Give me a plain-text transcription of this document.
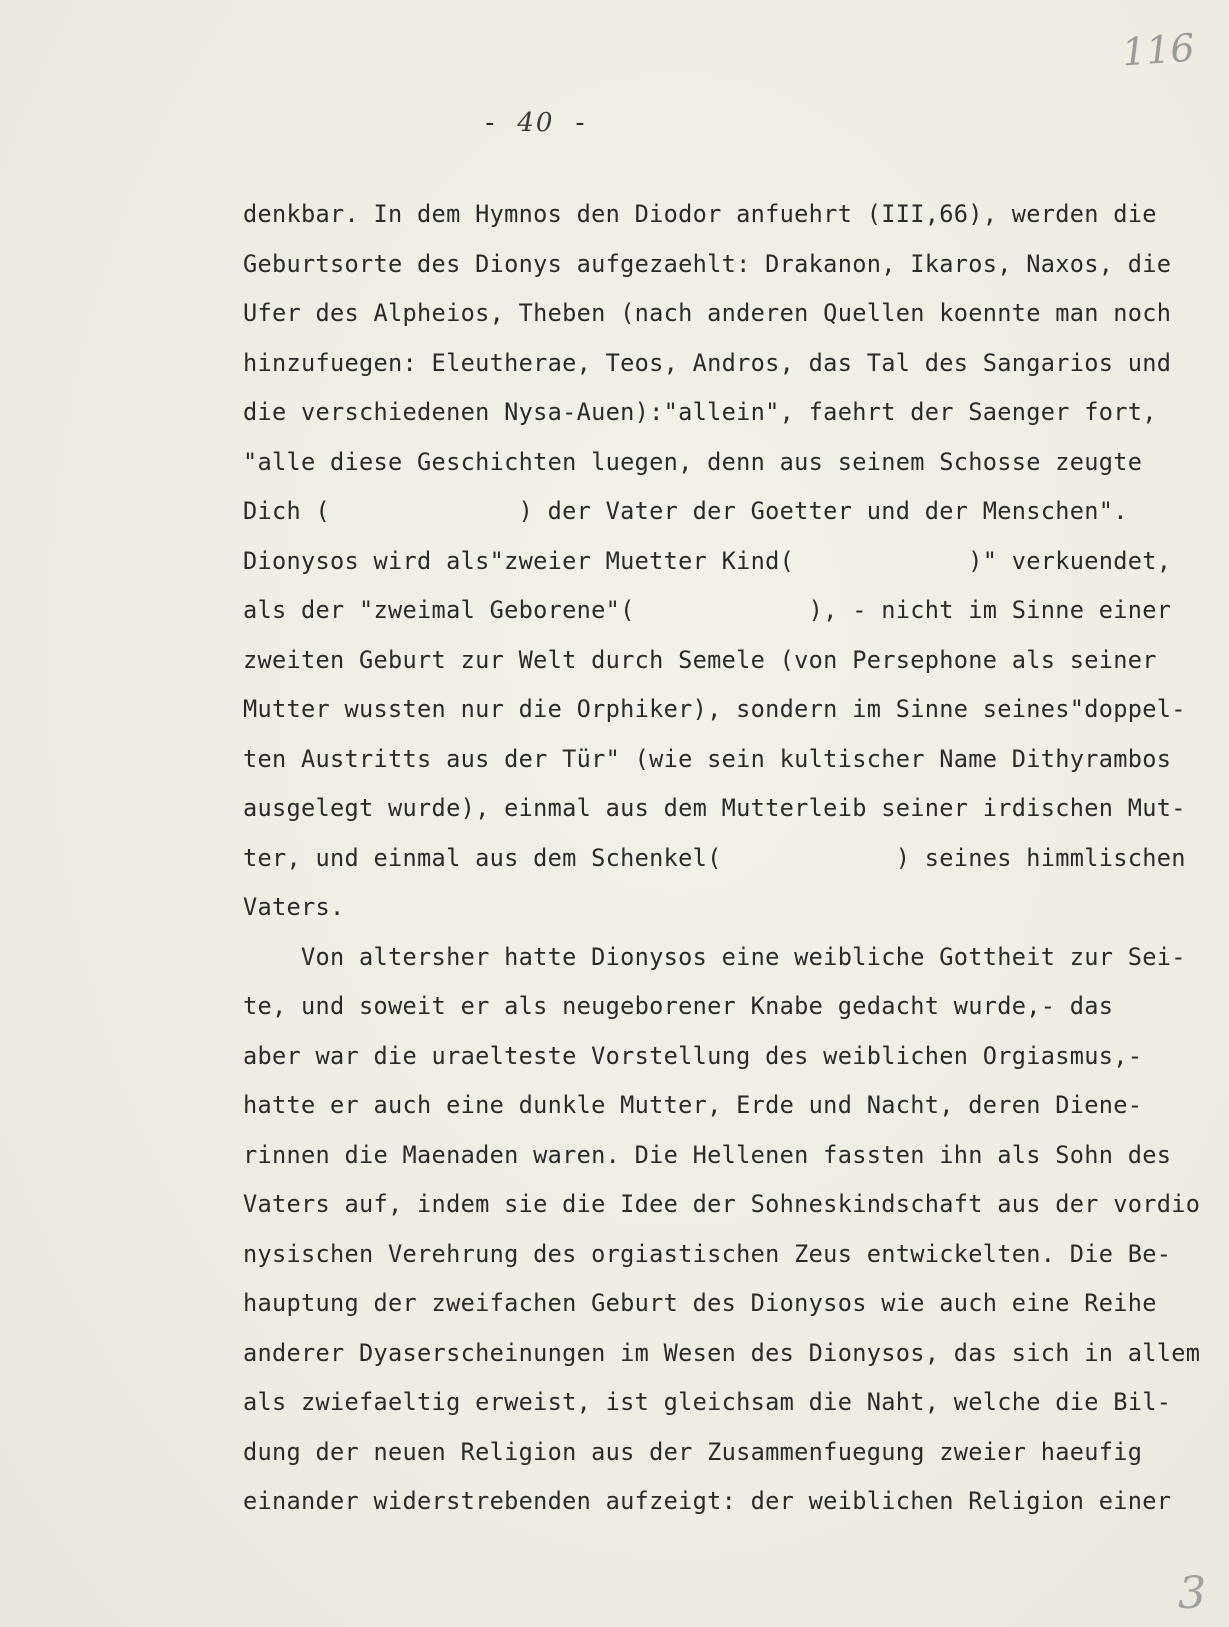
116
- 40 -
denkbar. In dem Hymnos den Diodor anfuehrt (III,66), werden die
Geburtsorte des Dionys aufgezaehlt: Drakanon, Ikaros, Naxos, die
Ufer des Alpheios, Theben (nach anderen Quellen koennte man noch
hinzufuegen: Eleutherae, Teos, Andros, das Tal des Sangarios und
die verschiedenen Nysa-Auen):"allein", faehrt der Saenger fort,
"alle diese Geschichten luegen, denn aus seinem Schosse zeugte
Dich (             ) der Vater der Goetter und der Menschen".
Dionysos wird als"zweier Muetter Kind(            )" verkuendet,
als der "zweimal Geborene"(            ), - nicht im Sinne einer
zweiten Geburt zur Welt durch Semele (von Persephone als seiner
Mutter wussten nur die Orphiker), sondern im Sinne seines"doppel-
ten Austritts aus der Tür" (wie sein kultischer Name Dithyrambos
ausgelegt wurde), einmal aus dem Mutterleib seiner irdischen Mut-
ter, und einmal aus dem Schenkel(            ) seines himmlischen
Vaters.
Von altersher hatte Dionysos eine weibliche Gottheit zur Sei-
te, und soweit er als neugeborener Knabe gedacht wurde,- das
aber war die uraelteste Vorstellung des weiblichen Orgiasmus,-
hatte er auch eine dunkle Mutter, Erde und Nacht, deren Diene-
rinnen die Maenaden waren. Die Hellenen fassten ihn als Sohn des
Vaters auf, indem sie die Idee der Sohneskindschaft aus der vordio
nysischen Verehrung des orgiastischen Zeus entwickelten. Die Be-
hauptung der zweifachen Geburt des Dionysos wie auch eine Reihe
anderer Dyaserscheinungen im Wesen des Dionysos, das sich in allem
als zwiefaeltig erweist, ist gleichsam die Naht, welche die Bil-
dung der neuen Religion aus der Zusammenfuegung zweier haeufig
einander widerstrebenden aufzeigt: der weiblichen Religion einer
3
